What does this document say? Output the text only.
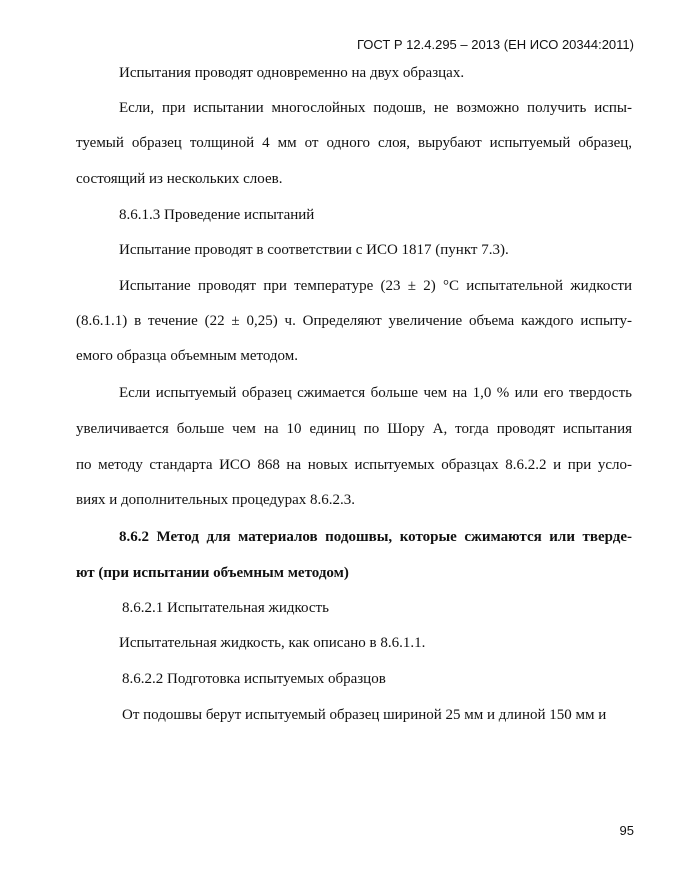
ГОСТ Р 12.4.295 – 2013 (ЕН ИСО 20344:2011)
Испытания проводят одновременно на двух образцах.
Если, при испытании многослойных подошв, не возможно получить испы-
туемый образец толщиной 4 мм от одного слоя, вырубают испытуемый образец,
состоящий из нескольких слоев.
8.6.1.3 Проведение испытаний
Испытание проводят в соответствии с ИСО 1817 (пункт 7.3).
Испытание проводят при температуре (23 ± 2) °С испытательной жидкости
(8.6.1.1) в течение (22 ± 0,25) ч. Определяют увеличение объема каждого испыту-
емого образца объемным методом.
Если испытуемый образец сжимается больше чем на 1,0 % или его твердость
увеличивается больше чем на 10 единиц по Шору А, тогда проводят испытания
по методу стандарта ИСО 868 на новых испытуемых образцах 8.6.2.2 и при усло-
виях и дополнительных процедурах 8.6.2.3.
8.6.2 Метод для материалов подошвы, которые сжимаются или тверде-
ют (при испытании объемным методом)
8.6.2.1 Испытательная жидкость
Испытательная жидкость, как описано в 8.6.1.1.
8.6.2.2 Подготовка испытуемых образцов
От подошвы берут испытуемый образец шириной 25 мм и длиной 150 мм и
95
